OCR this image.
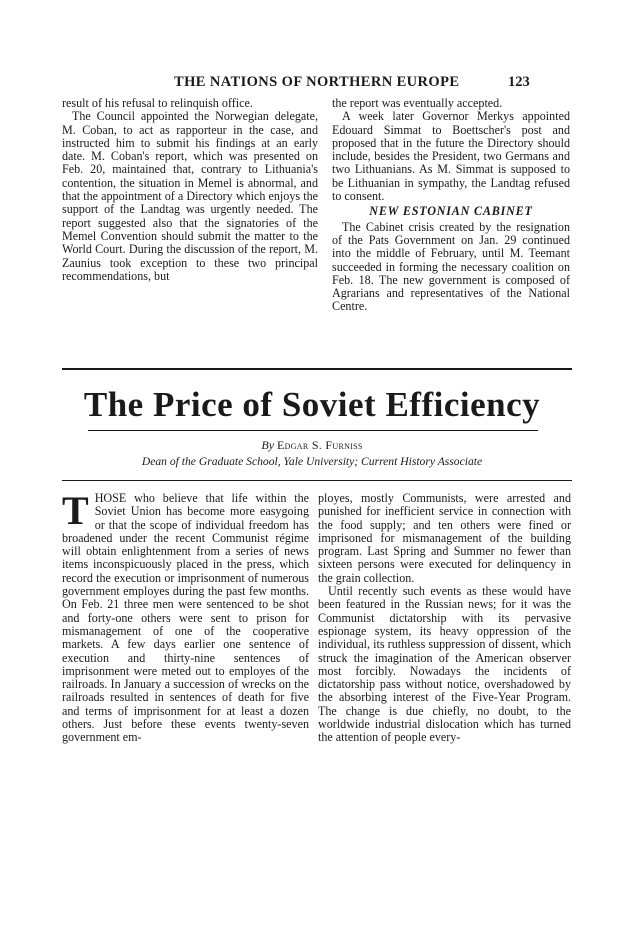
THE NATIONS OF NORTHERN EUROPE	123

result of his refusal to relinquish office.

The Council appointed the Norwegian delegate, M. Coban, to act as rapporteur in the case, and instructed him to submit his findings at an early date. M. Coban's report, which was presented on Feb. 20, maintained that, contrary to Lithuania's contention, the situation in Memel is abnormal, and that the appointment of a Directory which enjoys the support of the Landtag was urgently needed. The report suggested also that the signatories of the Memel Convention should submit the matter to the World Court. During the discussion of the report, M. Zaunius took exception to these two principal recommendations, but

the report was eventually accepted.

A week later Governor Merkys appointed Edouard Simmat to Boettscher's post and proposed that in the future the Directory should include, besides the President, two Germans and two Lithuanians. As M. Simmat is supposed to be Lithuanian in sympathy, the Landtag refused to consent.

NEW ESTONIAN CABINET

The Cabinet crisis created by the resignation of the Pats Government on Jan. 29 continued into the middle of February, until M. Teemant succeeded in forming the necessary coalition on Feb. 18. The new government is composed of Agrarians and representatives of the National Centre.

The Price of Soviet Efficiency
By Edgar S. Furniss
Dean of the Graduate School, Yale University; Current History Associate

THOSE who believe that life within the Soviet Union has become more easygoing or that the scope of individual freedom has broadened under the recent Communist régime will obtain enlightenment from a series of news items inconspicuously placed in the press, which record the execution or imprisonment of numerous government employes during the past few months. On Feb. 21 three men were sentenced to be shot and forty-one others were sent to prison for mismanagement of one of the cooperative markets. A few days earlier one sentence of execution and thirty-nine sentences of imprisonment were meted out to employes of the railroads. In January a succession of wrecks on the railroads resulted in sentences of death for five and terms of imprisonment for at least a dozen others. Just before these events twenty-seven government em-

ployes, mostly Communists, were arrested and punished for inefficient service in connection with the food supply; and ten others were fined or imprisoned for mismanagement of the building program. Last Spring and Summer no fewer than sixteen persons were executed for delinquency in the grain collection.

Until recently such events as these would have been featured in the Russian news; for it was the Communist dictatorship with its pervasive espionage system, its heavy oppression of the individual, its ruthless suppression of dissent, which struck the imagination of the American observer most forcibly. Nowadays the incidents of dictatorship pass without notice, overshadowed by the absorbing interest of the Five-Year Program. The change is due chiefly, no doubt, to the worldwide industrial dislocation which has turned the attention of people every-
